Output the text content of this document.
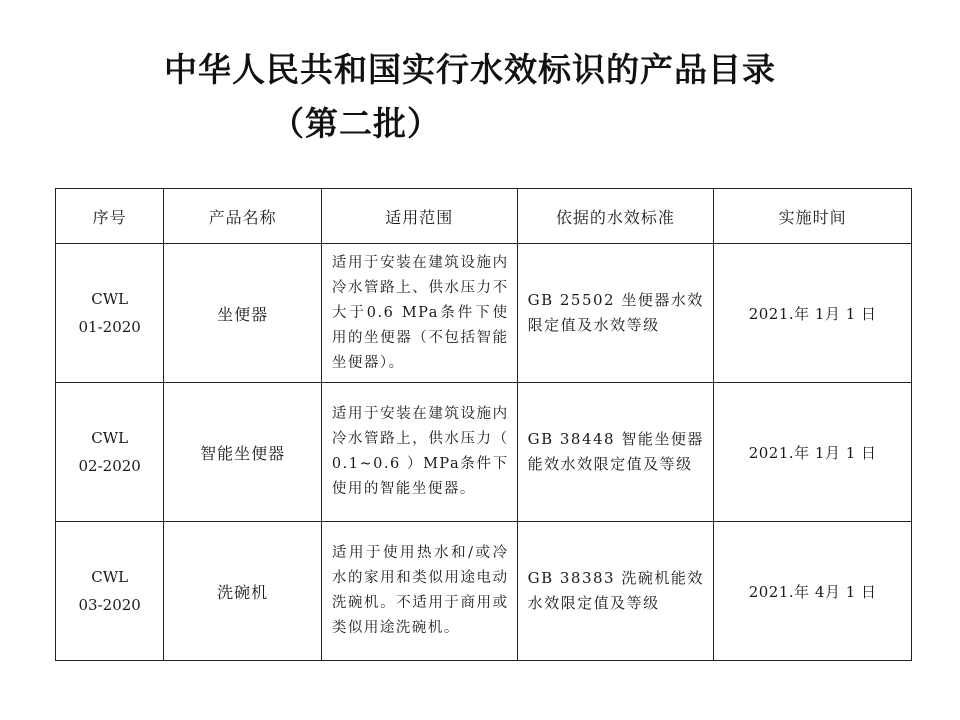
中华人民共和国实行水效标识的产品目录
（第二批）
序号	产品名称	适用范围	依据的水效标准	实施时间

CWL
01-2020	坐便器	适用于安装在建筑设施内冷水管路上、供水压力不大于0.6 MPa条件下使用的坐便器（不包括智能坐便器）。	GB 25502 坐便器水效限定值及水效等级	2021.年 1月 1 日

CWL
02-2020	智能坐便器	适用于安装在建筑设施内冷水管路上，供水压力（ 0.1~0.6 ）MPa条件下使用的智能坐便器。	GB 38448 智能坐便器能效水效限定值及等级	2021.年 1月 1 日

CWL
03-2020	洗碗机	适用于使用热水和/或冷水的家用和类似用途电动洗碗机。不适用于商用或类似用途洗碗机。	GB 38383 洗碗机能效水效限定值及等级	2021.年 4月 1 日
